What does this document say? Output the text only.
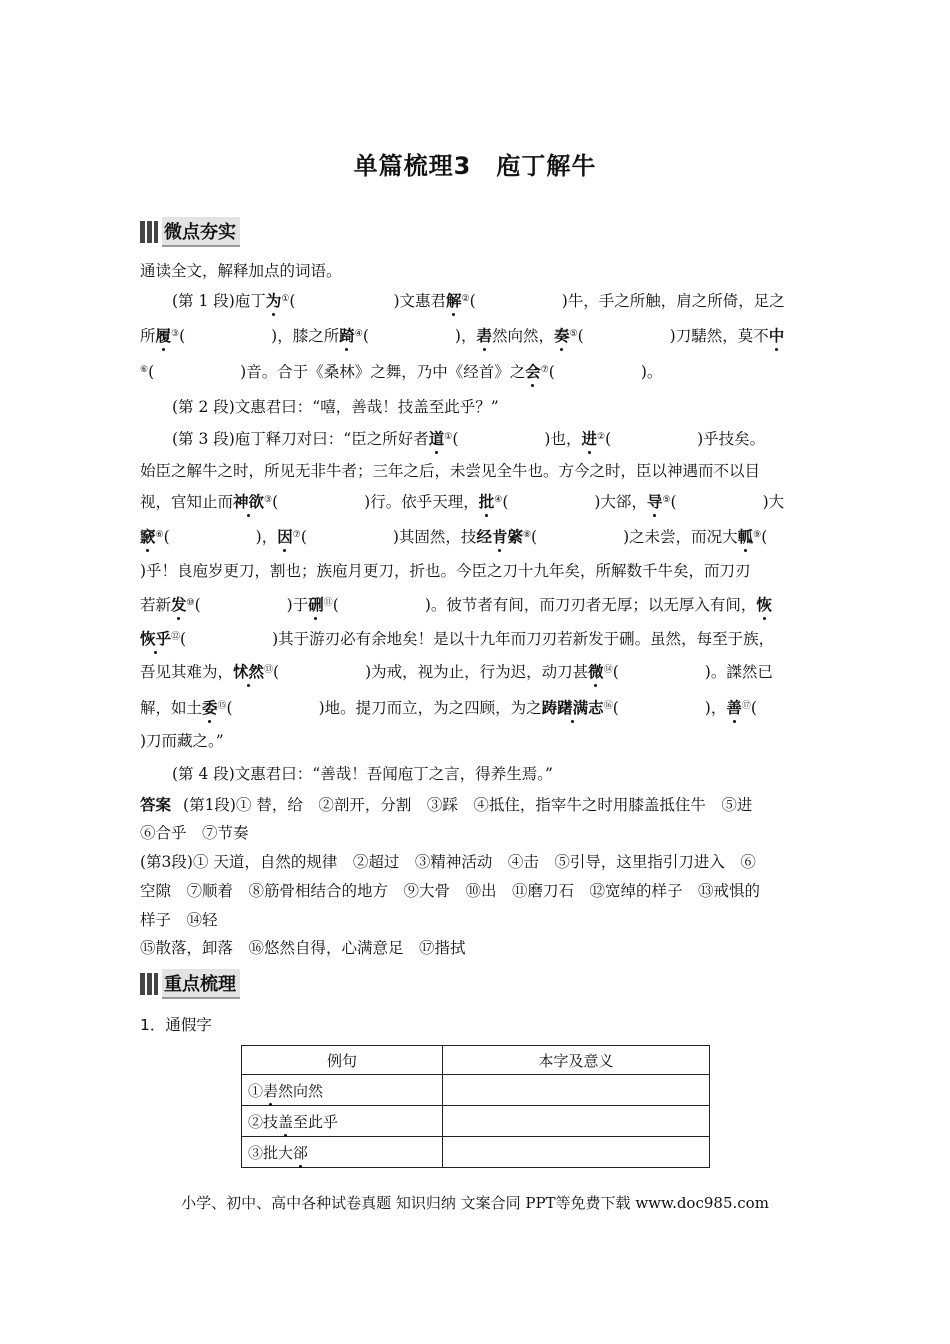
单篇梳理3　庖丁解牛
微点夯实
通读全文，解释加点的词语。
(第 1 段)庖丁为①(	)文惠君解②(	)牛，手之所触，肩之所倚，足之
所履③(	)，膝之所踦④(	)，砉然向然，奏⑤(	)刀騞然，莫不中
⑥(	)音。合于《桑林》之舞，乃中《经首》之会⑦(	)。
(第 2 段)文惠君曰：“嘻，善哉！技盖至此乎？”
(第 3 段)庖丁释刀对曰：“臣之所好者道①(	)也，进②(	)乎技矣。
始臣之解牛之时，所见无非牛者；三年之后，未尝见全牛也。方今之时，臣以神遇而不以目
视，官知止而神欲③(	)行。依乎天理，批④(	)大郤，导⑤(	)大
窾⑥(	)，因⑦(	)其固然，技经肯綮⑧(	)之未尝，而况大軱⑨(
)乎！良庖岁更刀，割也；族庖月更刀，折也。今臣之刀十九年矣，所解数千牛矣，而刀刃
若新发⑩(	)于硎⑪(	)。彼节者有间，而刀刃者无厚；以无厚入有间，恢
恢乎⑫(	)其于游刃必有余地矣！是以十九年而刀刃若新发于硎。虽然，每至于族，
吾见其难为，怵然⑬(	)为戒，视为止，行为迟，动刀甚微⑭(	)。謋然已
解，如土委⑮(	)地。提刀而立，为之四顾，为之踌躇满志⑯(	)，善⑰(
)刀而藏之。”
(第 4 段)文惠君曰：“善哉！吾闻庖丁之言，得养生焉。”
答案 (第1段)① 替，给　②剖开，分割　③踩　④抵住，指宰牛之时用膝盖抵住牛　⑤进
⑥合乎　⑦节奏
(第3段)① 天道，自然的规律　②超过　③精神活动　④击　⑤引导，这里指引刀进入　⑥
空隙　⑦顺着　⑧筋骨相结合的地方　⑨大骨　⑩出　⑪磨刀石　⑫宽绰的样子　⑬戒惧的
样子　⑭轻
⑮散落，卸落　⑯悠然自得，心满意足　⑰揩拭
重点梳理
1．通假字
例句	本字及意义
①砉然向然	
②技盖至此乎	
③批大郤	
小学、初中、高中各种试卷真题 知识归纳 文案合同 PPT等免费下载 www.doc985.com
